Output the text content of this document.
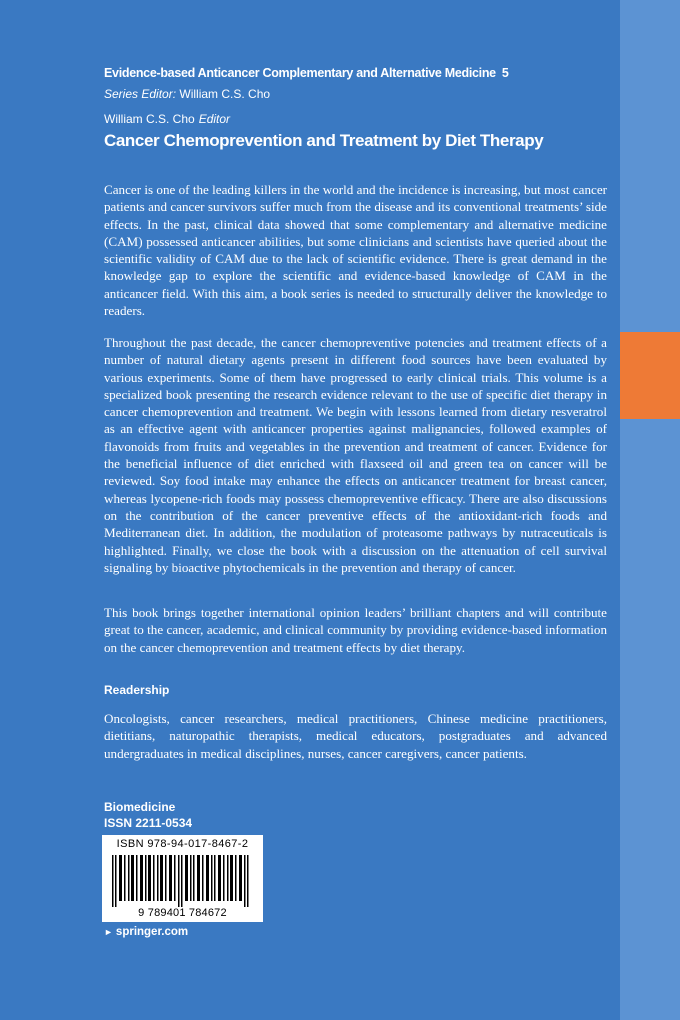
Evidence-based Anticancer Complementary and Alternative Medicine 5
Series Editor: William C.S. Cho
William C.S. Cho Editor
Cancer Chemoprevention and Treatment by Diet Therapy

Cancer is one of the leading killers in the world and the incidence is increasing, but most cancer patients and cancer survivors suffer much from the disease and its conventional treatments’ side effects. In the past, clinical data showed that some complementary and alternative medicine (CAM) possessed anticancer abilities, but some clinicians and scientists have queried about the scientific validity of CAM due to the lack of scientific evidence. There is great demand in the knowledge gap to explore the scientific and evidence-based knowledge of CAM in the anticancer field. With this aim, a book series is needed to structurally deliver the knowledge to readers.

Throughout the past decade, the cancer chemopreventive potencies and treatment effects of a number of natural dietary agents present in different food sources have been evaluated by various experiments. Some of them have progressed to early clinical trials. This volume is a specialized book presenting the research evidence relevant to the use of specific diet therapy in cancer chemoprevention and treatment. We begin with lessons learned from dietary resveratrol as an effective agent with anticancer properties against malignancies, followed examples of flavonoids from fruits and vegetables in the prevention and treatment of cancer. Evidence for the beneficial influence of diet enriched with flaxseed oil and green tea on cancer will be reviewed. Soy food intake may enhance the effects on anticancer treatment for breast cancer, whereas lycopene-rich foods may possess chemopreventive efficacy. There are also discussions on the contribution of the cancer preventive effects of the antioxidant-rich foods and Mediterranean diet. In addition, the modulation of proteasome pathways by nutraceuticals is highlighted. Finally, we close the book with a discussion on the attenuation of cell survival signaling by bioactive phytochemicals in the prevention and therapy of cancer.

This book brings together international opinion leaders’ brilliant chapters and will contribute great to the cancer, academic, and clinical community by providing evidence-based information on the cancer chemoprevention and treatment effects by diet therapy.

Readership

Oncologists, cancer researchers, medical practitioners, Chinese medicine practitioners, dietitians, naturopathic therapists, medical educators, postgraduates and advanced undergraduates in medical disciplines, nurses, cancer caregivers, cancer patients.

Biomedicine
ISSN 2211-0534
ISBN 978-94-017-8467-2
9 789401 784672
► springer.com
